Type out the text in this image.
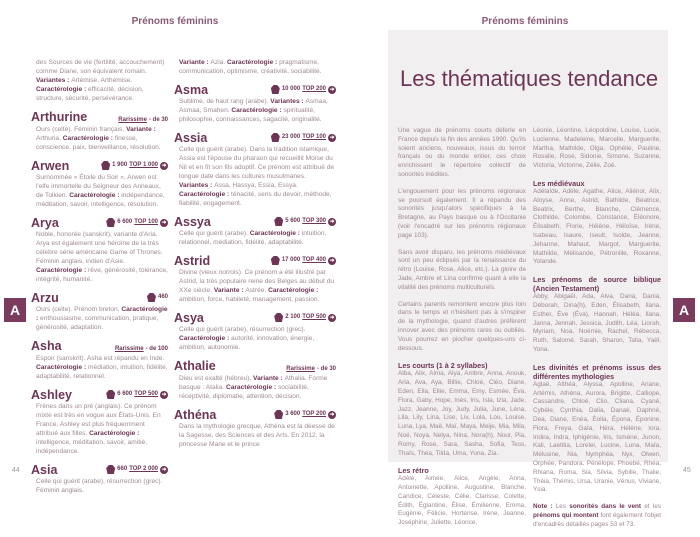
Prénoms féminins
des Sources de vie (fertilité, accouchement) comme Diane, son équivalent romain. Variantes : Artémise, Arthémise. Caractérologie : efficacité, décision, structure, sécurité, persévérance.
Arthurine	Rarissime - de 30
Ours (celte). Féminin français. Variante : Arthuria. Caractérologie : finesse, conscience, paix, bienveillance, résolution.
Arwen	1 900 TOP 1 000 ➜
Surnommée « Étoile du Soir », Arwen est l'elfe immortelle du Seigneur des Anneaux, de Tolkien. Caractérologie : indépendance, méditation, savoir, intelligence, résolution.
Arya	6 600 TOP 100 ➜
Noble, honorée (sanskrit), variante d'Aria. Arya est également une héroïne de la très célèbre série américaine Game of Thrones. Féminin anglais, indien d'Asie. Caractérologie : rêve, générosité, tolérance, intégrité, humanité.
Arzu	460
Ours (celte). Prénom breton. Caractérologie : enthousiasme, communication, pratique, générosité, adaptation.
Asha	Rarissime - de 100
Espoir (sanskrit). Asha est répandu en Inde. Caractérologie : médiation, intuition, fidélité, adaptabilité, relationnel.
Ashley	6 600 TOP 500 ➜
Frênes dans un pré (anglais). Ce prénom mixte est très en vogue aux États-Unis. En France, Ashley est plus fréquemment attribué aux filles. Caractérologie : intelligence, méditation, savoir, amitié, indépendance.
Asia	660 TOP 2 000 ➜
Celle qui guérit (arabe), résurrection (grec). Féminin anglais.
Variante : Azia. Caractérologie : pragmatisme, communication, optimisme, créativité, sociabilité.
Asma	10 000 TOP 200 ➜
Sublime, de haut rang (arabe). Variantes : Asmaa, Asmaa, Smahen. Caractérologie : spiritualité, philosophie, connaissances, sagacité, originalité.
Assia	23 000 TOP 100 ➜
Celle qui guérit (arabe). Dans la tradition islamique, Assia est l'épouse du pharaon qui recueillit Moïse du Nil et en fit son fils adoptif. Ce prénom est attribué de longue date dans les cultures musulmanes. Variantes : Assa, Hassya, Essia, Essya. Caractérologie : ténacité, sens du devoir, méthode, fiabilité, engagement.
Assya	5 600 TOP 300 ➜
Celle qui guérit (arabe). Caractérologie : intuition, relationnel, médiation, fidélité, adaptabilité.
Astrid	17 000 TOP 400 ➜
Divine (vieux norrois). Ce prénom a été illustré par Astrid, la très populaire reine des Belges au début du XXe siècle. Variante : Astrée. Caractérologie : ambition, force, habileté, management, passion.
Asya	2 100 TOP 500 ➜
Celle qui guérit (arabe), résurrection (grec). Caractérologie : autorité, innovation, énergie, ambition, autonomie.
Athalie	Rarissime - de 30
Dieu est exalté (hébreu). Variante : Athalia. Forme basque : Atalia. Caractérologie : sociabilité, réceptivité, diplomatie, attention, décision.
Athéna	3 600 TOP 200 ➜
Dans la mythologie grecque, Athéna est la déesse de la Sagesse, des Sciences et des Arts. En 2012, la princesse Marie et le prince
A
44
Prénoms féminins
Les thématiques tendance

Une vague de prénoms courts déferle en France depuis la fin des années 1990. Qu'ils soient anciens, nouveaux, issus du terroir français ou du monde entier, ces choix enrichissent le répertoire collectif de sonorités inédites.

L'engouement pour les prénoms régionaux se poursuit également. Il a répandu des sonorités jusqu'alors spécifiques à la Bretagne, au Pays basque ou à l'Occitanie (voir l'encadré sur les prénoms régionaux page 103).

Sans avoir disparu, les prénoms médiévaux sont un peu éclipsés par la renaissance du rétro (Louise, Rose, Alice, etc.). La gloire de Jade, Ambre et Lina confirme quant à elle la vitalité des prénoms multiculturels.

Certains parents remontent encore plus loin dans le temps et n'hésitent pas à s'inspirer de la mythologie, quand d'autres préfèrent innover avec des prénoms rares ou oubliés. Vous pourrez en piocher quelques-uns ci-dessous.

Les courts (1 à 2 syllabes)
Alba, Alix, Alma, Alya, Ambre, Anna, Anouk, Aria, Ava, Aya, Billie, Chloé, Cléo, Diane, Eden, Ella, Ellie, Emma, Emy, Esmée, Éva, Flora, Gaby, Hope, Inès, Iris, Isla, Izia, Jade, Jazz, Jeanne, Joy, Judy, Julia, June, Léna, Lila, Lily, Lina, Lise, Liv, Lola, Lou, Louise, Luna, Lya, Maë, Maï, Maya, Meije, Mia, Mila, Noé, Noya, Nelya, Nina, Nora(h), Nour, Pia, Romy, Rose, Sara, Sasha, Sofia, Tess, Thaïs, Théa, Tilda, Uma, Yuna, Zia.
Les rétro
Adèle, Aimée, Alice, Angèle, Anna, Antoinette, Apolline, Augustine, Blanche, Candice, Céleste, Célie, Clarisse, Colette, Édith, Églantine, Élise, Émilienne, Emma, Eugénie, Félicie, Hortense, Irène, Jeanne, Joséphine, Juliette, Léonce,
Léonie, Léontine, Léopoldine, Louise, Lucie, Lucienne, Madeleine, Marcelle, Marguerite, Martha, Mathilde, Olga, Ophélie, Pauline, Rosalie, Rose, Sidonie, Simone, Suzanne, Victoria, Victorine, Zélie, Zoé.
Les médiévaux
Adélaïde, Adèle, Agathe, Alice, Aliénor, Alix, Aloyse, Anne, Astrid, Bathilde, Béatrice, Beatrix, Berthe, Blanche, Clémence, Clothilde, Colombe, Constance, Éléonore, Élisabeth, Florie, Hélène, Héloïse, Irène, Isabeau, Isaure, Iseult, Isolde, Jeanne, Jehanne, Mahaut, Margot, Marguerite, Mathilde, Mélisande, Pétronille, Roxanne, Yolande.
Les prénoms de source biblique (Ancien Testament)
Abby, Abigaël, Ada, Alva, Dana, Dania, Déborah, Dina(h), Eden, Élisabeth, Ilana, Esther, Ève (Éva), Hannah, Héléa, Ilana, Janna, Jennah, Jessica, Judith, Léa, Liorah, Myriam, Noa, Noémie, Rachel, Rébecca, Ruth, Salomé, Sarah, Sharon, Talia, Yaël, Yona.
Les divinités et prénoms issus des différentes mythologies
Aglaé, Althéa, Alyssa, Apolline, Ariane, Artémis, Athéna, Aurora, Brigitte, Calliope, Cassandre, Chloé, Clio, Cliana, Cyané, Cybèle, Cynthia, Dalia, Danaé, Daphné, Dea, Diane, Enéa, Ėolia, Épona, Éponine, Flora, Freya, Gaïa, Héra, Hélène, Iora, Indira, Indra, Iphigénie, Iris, Ismène, Junon, Kali, Laetitia, Lorelei, Lucine, Luna, Maïa, Mélusine, Nia, Nymphéa, Nyx, Olwen, Orphée, Pandora, Pénélope, Phoebé, Rhéa, Rhiana, Roma, Sia, Silvia, Sybille, Thalie, Théia, Thémis, Ursa, Uranie, Vénus, Viviane, Ysia.
Note : Les sonorités dans le vent et les prénoms qui montent font également l'objet d'encadrés détaillés pages 53 et 73.
A
45
